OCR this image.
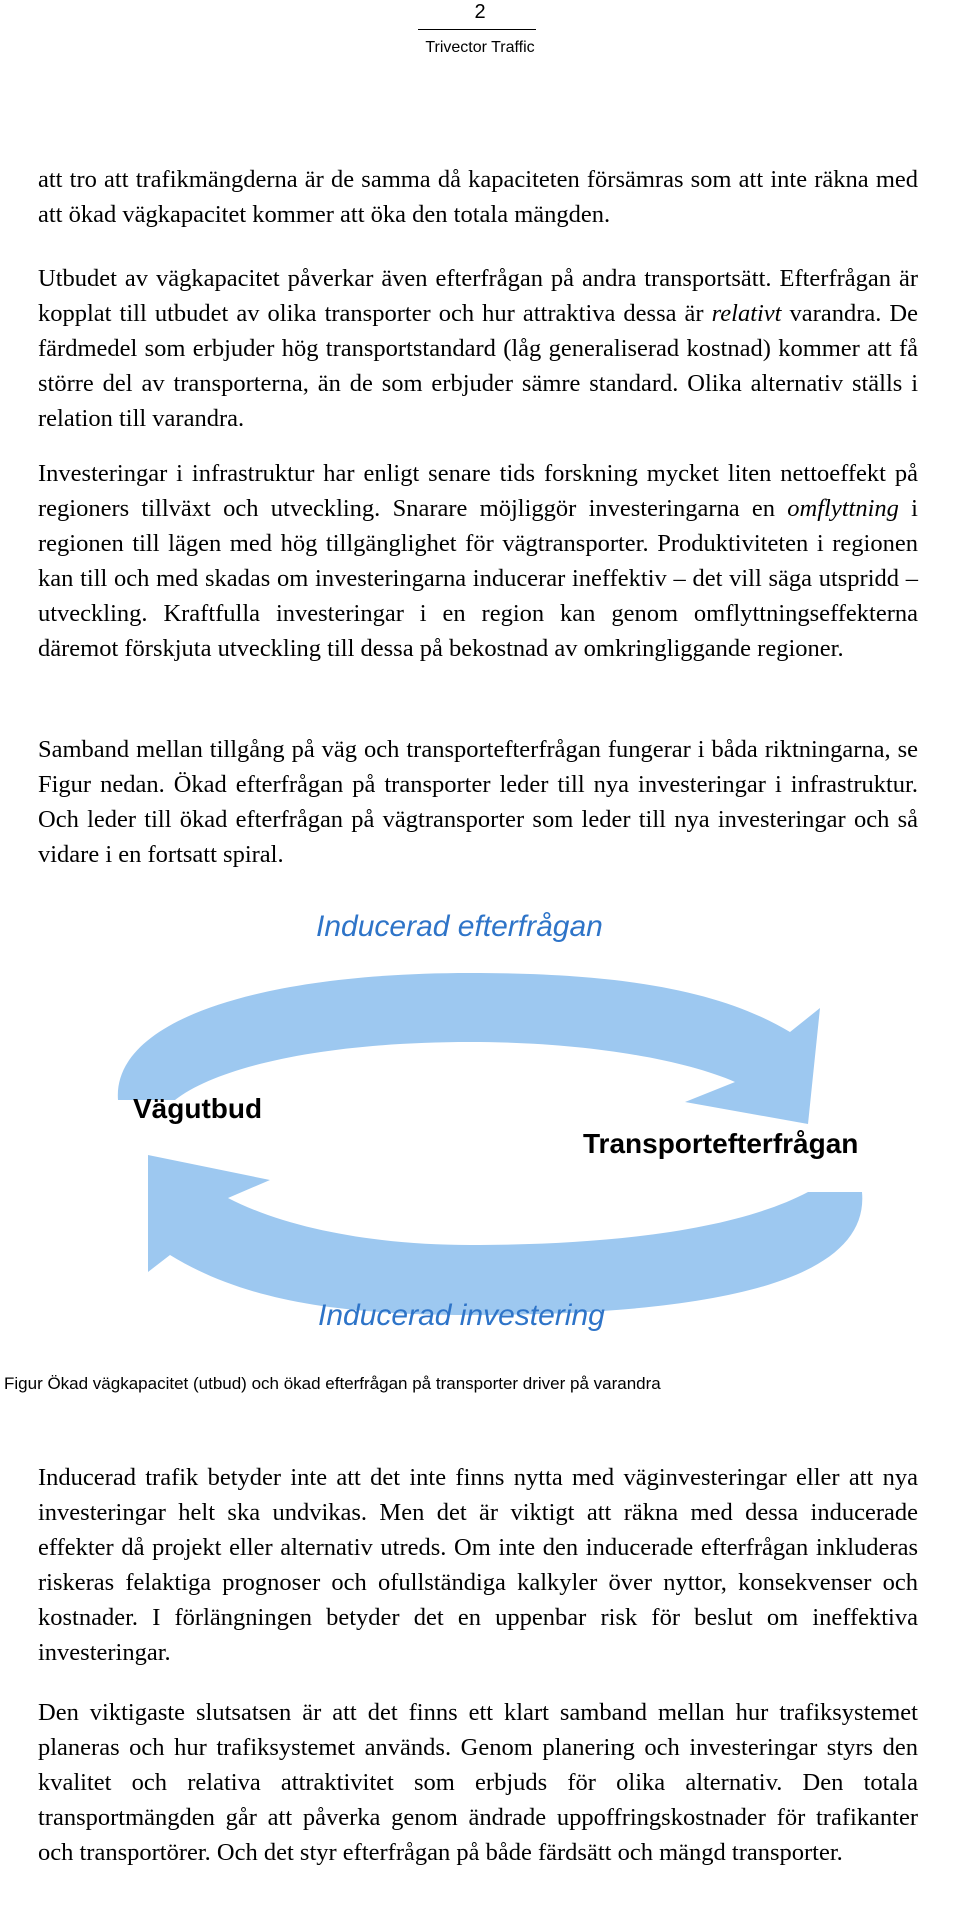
2
Trivector Traffic

att tro att trafikmängderna är de samma då kapaciteten försämras som att inte räkna med att ökad vägkapacitet kommer att öka den totala mängden.

Utbudet av vägkapacitet påverkar även efterfrågan på andra transportsätt. Efterfrågan är kopplat till utbudet av olika transporter och hur attraktiva dessa är relativt varandra. De färdmedel som erbjuder hög transportstandard (låg generaliserad kostnad) kommer att få större del av transporterna, än de som erbjuder sämre standard. Olika alternativ ställs i relation till varandra.

Investeringar i infrastruktur har enligt senare tids forskning mycket liten nettoeffekt på regioners tillväxt och utveckling. Snarare möjliggör investeringarna en omflyttning i regionen till lägen med hög tillgänglighet för vägtransporter. Produktiviteten i regionen kan till och med skadas om investeringarna inducerar ineffektiv – det vill säga utspridd – utveckling. Kraftfulla investeringar i en region kan genom omflyttningseffekterna däremot förskjuta utveckling till dessa på bekostnad av omkringliggande regioner.

Samband mellan tillgång på väg och transportefterfrågan fungerar i båda riktningarna, se Figur nedan. Ökad efterfrågan på transporter leder till nya investeringar i infrastruktur. Och leder till ökad efterfrågan på vägtransporter som leder till nya investeringar och så vidare i en fortsatt spiral.

Inducerad efterfrågan
Vägutbud
Transportefterfrågan
Inducerad investering
Figur Ökad vägkapacitet (utbud) och ökad efterfrågan på transporter driver på varandra

Inducerad trafik betyder inte att det inte finns nytta med väginvesteringar eller att nya investeringar helt ska undvikas. Men det är viktigt att räkna med dessa inducerade effekter då projekt eller alternativ utreds. Om inte den inducerade efterfrågan inkluderas riskeras felaktiga prognoser och ofullständiga kalkyler över nyttor, konsekvenser och kostnader. I förlängningen betyder det en uppenbar risk för beslut om ineffektiva investeringar.

Den viktigaste slutsatsen är att det finns ett klart samband mellan hur trafiksystemet planeras och hur trafiksystemet används. Genom planering och investeringar styrs den kvalitet och relativa attraktivitet som erbjuds för olika alternativ. Den totala transportmängden går att påverka genom ändrade uppoffringskostnader för trafikanter och transportörer. Och det styr efterfrågan på både färdsätt och mängd transporter.
